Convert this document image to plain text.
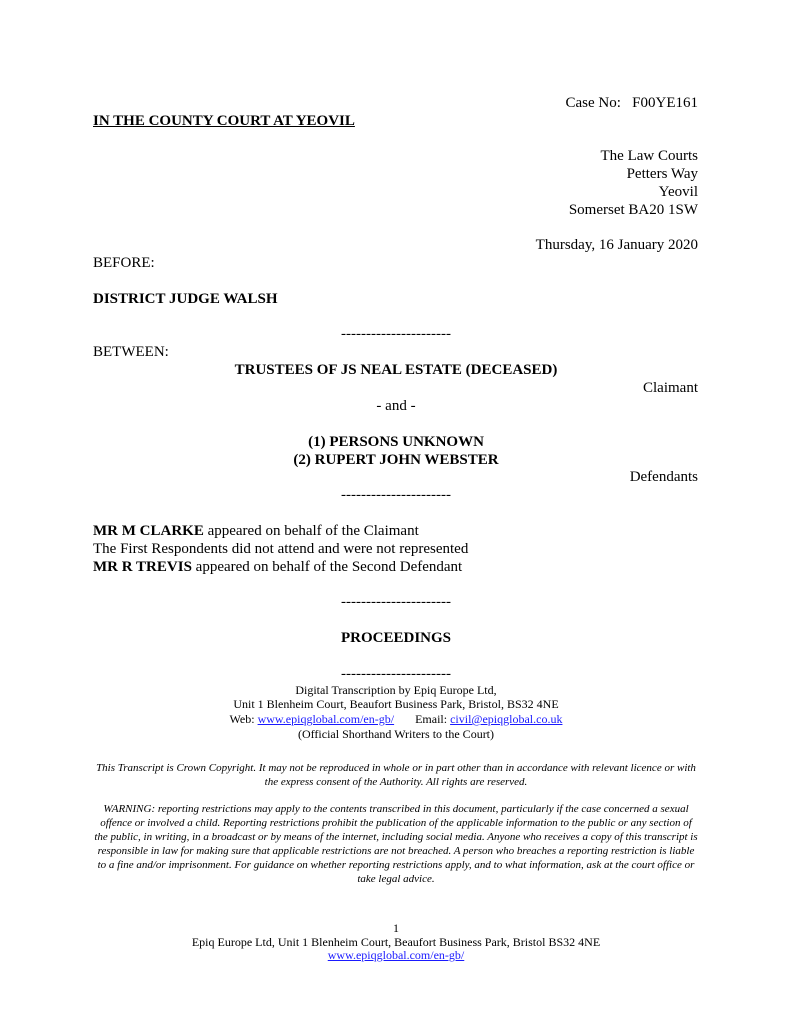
Case No: F00YE161
IN THE COUNTY COURT AT YEOVIL
The Law Courts
Petters Way
Yeovil
Somerset BA20 1SW
Thursday, 16 January 2020
BEFORE:
DISTRICT JUDGE WALSH
----------------------
BETWEEN:
TRUSTEES OF JS NEAL ESTATE (DECEASED)
Claimant
- and -
(1) PERSONS UNKNOWN
(2) RUPERT JOHN WEBSTER
Defendants
----------------------
MR M CLARKE appeared on behalf of the Claimant
The First Respondents did not attend and were not represented
MR R TREVIS appeared on behalf of the Second Defendant
----------------------
PROCEEDINGS
----------------------
Digital Transcription by Epiq Europe Ltd,
Unit 1 Blenheim Court, Beaufort Business Park, Bristol, BS32 4NE
Web: www.epiqglobal.com/en-gb/ Email: civil@epiqglobal.co.uk
(Official Shorthand Writers to the Court)

This Transcript is Crown Copyright. It may not be reproduced in whole or in part other than in accordance with relevant licence or with the express consent of the Authority. All rights are reserved.

WARNING: reporting restrictions may apply to the contents transcribed in this document, particularly if the case concerned a sexual offence or involved a child. Reporting restrictions prohibit the publication of the applicable information to the public or any section of the public, in writing, in a broadcast or by means of the internet, including social media. Anyone who receives a copy of this transcript is responsible in law for making sure that applicable restrictions are not breached. A person who breaches a reporting restriction is liable to a fine and/or imprisonment. For guidance on whether reporting restrictions apply, and to what information, ask at the court office or take legal advice.

1
Epiq Europe Ltd, Unit 1 Blenheim Court, Beaufort Business Park, Bristol BS32 4NE
www.epiqglobal.com/en-gb/
